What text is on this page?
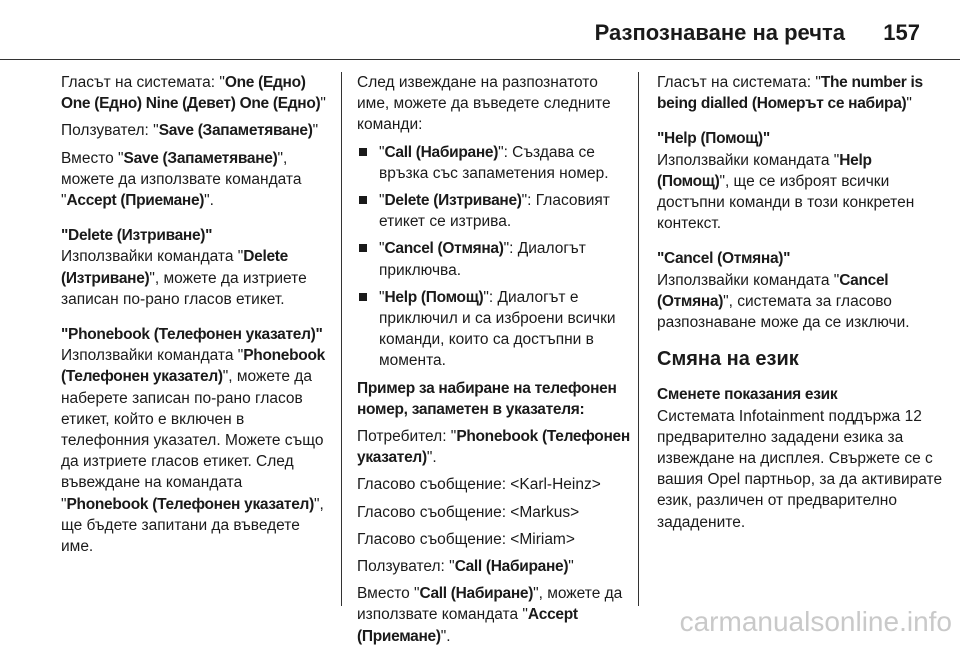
Разпознаване на речта 157

Гласът на системата: "One (Едно) One (Едно) Nine (Девет) One (Едно)"

Ползувател: "Save (Запаметяване)"

Вместо "Save (Запаметяване)", можете да използвате командата "Accept (Приемане)".

"Delete (Изтриване)"

Използвайки командата "Delete (Изтриване)", можете да изтриете записан по-рано гласов етикет.

"Phonebook (Телефонен указател)"

Използвайки командата "Phonebook (Телефонен указател)", можете да наберете записан по-рано гласов етикет, който е включен в телефонния указател. Можете също да изтриете гласов етикет. След въвеждане на командата "Phonebook (Телефонен указател)", ще бъдете запитани да въведете име.

След извеждане на разпознатото име, можете да въведете следните команди:

"Call (Набиране)": Създава се връзка със запаметения номер.
"Delete (Изтриване)": Гласовият етикет се изтрива.
"Cancel (Отмяна)": Диалогът приключва.
"Help (Помощ)": Диалогът е приключил и са изброени всички команди, които са достъпни в момента.
Пример за набиране на телефонен номер, запаметен в указателя:

Потребител: "Phonebook (Телефонен указател)".

Гласово съобщение: <Karl-Heinz>

Гласово съобщение: <Markus>

Гласово съобщение: <Miriam>

Ползувател: "Call (Набиране)"

Вместо "Call (Набиране)", можете да използвате командата "Accept (Приемане)".

Гласът на системата: "The number is being dialled (Номерът се набира)"

"Help (Помощ)"

Използвайки командата "Help (Помощ)", ще се изброят всички достъпни команди в този конкретен контекст.

"Cancel (Отмяна)"

Използвайки командата "Cancel (Отмяна)", системата за гласово разпознаване може да се изключи.

Смяна на език
Сменете показания език

Системата Infotainment поддържа 12 предварително зададени езика за извеждане на дисплея. Свържете се с вашия Opel партньор, за да активирате език, различен от предварително зададените.

carmanualsonline.info
